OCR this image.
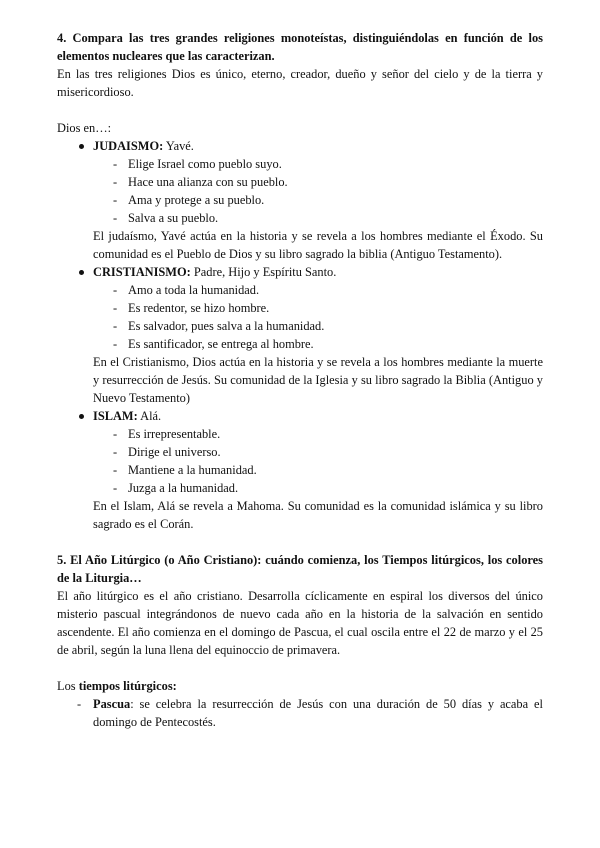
4. Compara las tres grandes religiones monoteístas, distinguiéndolas en función de los elementos nucleares que las caracterizan.

En las tres religiones Dios es único, eterno, creador, dueño y señor del cielo y de la tierra y misericordioso.

Dios en…:

JUDAISMO: Yavé.

- Elige Israel como pueblo suyo.

- Hace una alianza con su pueblo.

- Ama y protege a su pueblo.

- Salva a su pueblo.

El judaísmo, Yavé actúa en la historia y se revela a los hombres mediante el Éxodo. Su comunidad es el Pueblo de Dios y su libro sagrado la biblia (Antiguo Testamento).

CRISTIANISMO: Padre, Hijo y Espíritu Santo.

- Amo a toda la humanidad.

- Es redentor, se hizo hombre.

- Es salvador, pues salva a la humanidad.

- Es santificador, se entrega al hombre.

En el Cristianismo, Dios actúa en la historia y se revela a los hombres mediante la muerte y resurrección de Jesús. Su comunidad de la Iglesia y su libro sagrado la Biblia (Antiguo y Nuevo Testamento)

ISLAM: Alá.

- Es irrepresentable.

- Dirige el universo.

- Mantiene a la humanidad.

- Juzga a la humanidad.

En el Islam, Alá se revela a Mahoma. Su comunidad es la comunidad islámica y su libro sagrado es el Corán.

5. El Año Litúrgico (o Año Cristiano): cuándo comienza, los Tiempos litúrgicos, los colores de la Liturgia…

El año litúrgico es el año cristiano. Desarrolla cíclicamente en espiral los diversos del único misterio pascual integrándonos de nuevo cada año en la historia de la salvación en sentido ascendente. El año comienza en el domingo de Pascua, el cual oscila entre el 22 de marzo y el 25 de abril, según la luna llena del equinoccio de primavera.

Los tiempos litúrgicos:

- Pascua: se celebra la resurrección de Jesús con una duración de 50 días y acaba el domingo de Pentecostés.
